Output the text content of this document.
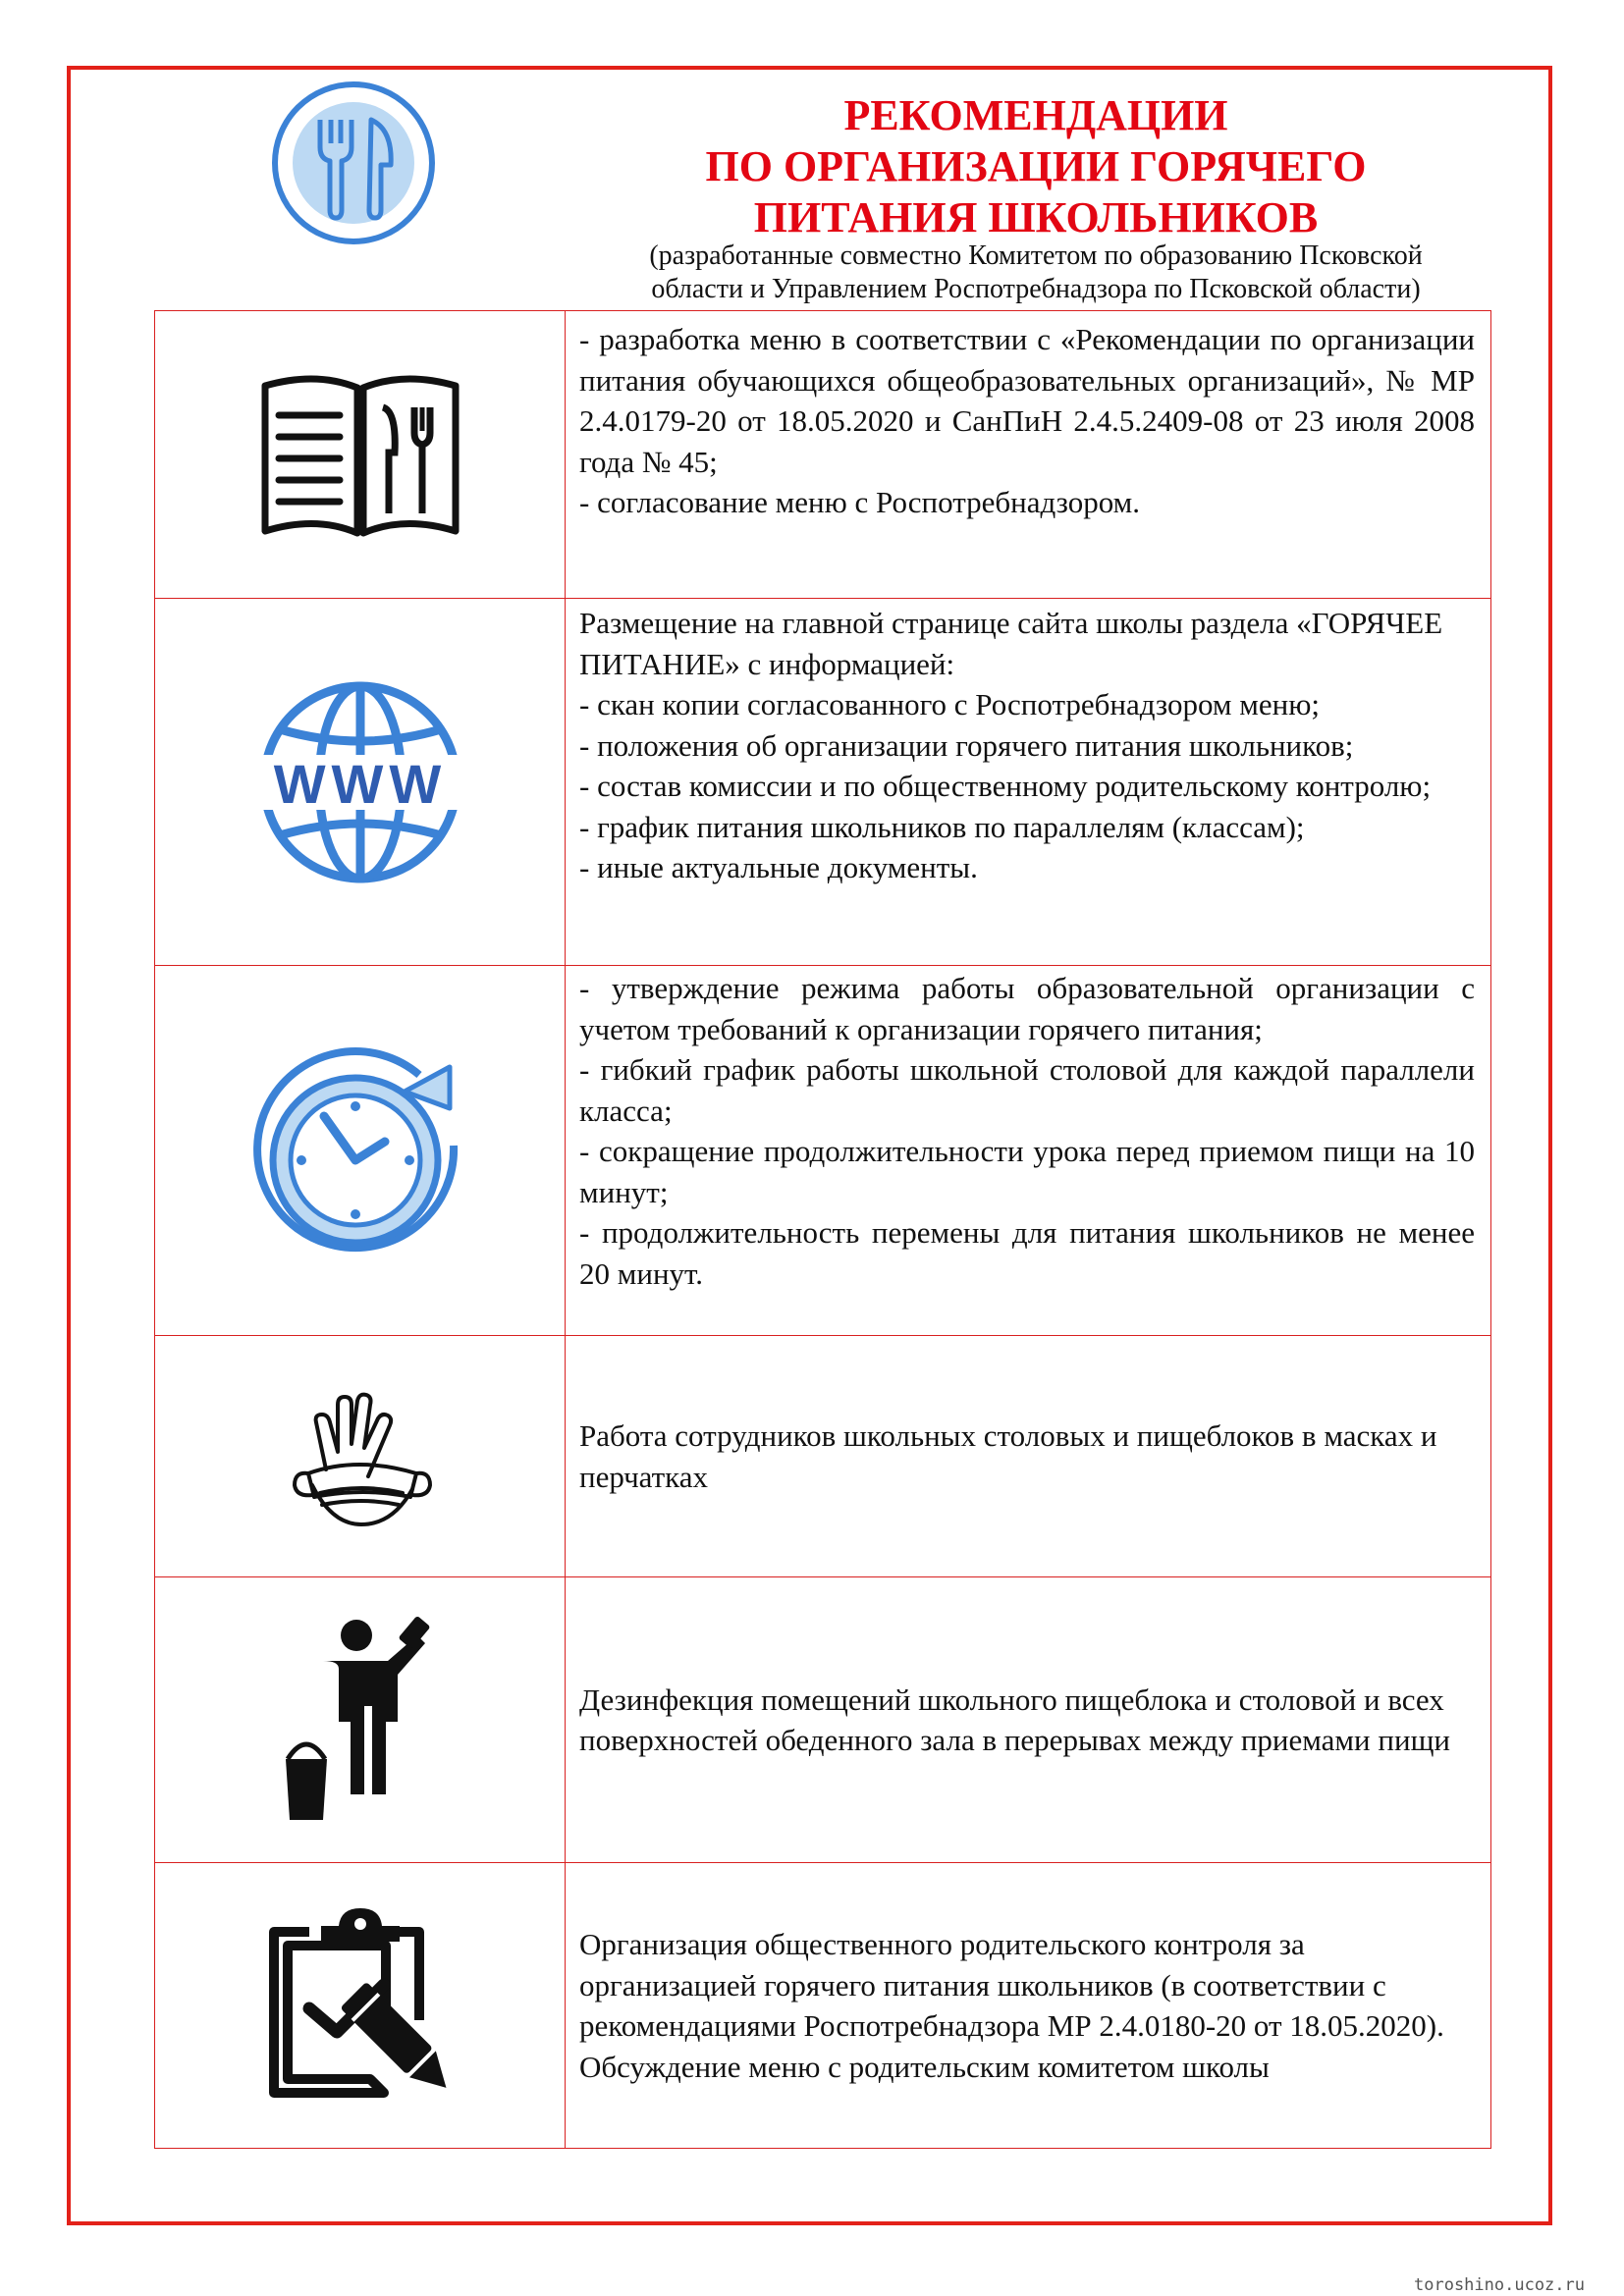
РЕКОМЕНДАЦИИ
ПО ОРГАНИЗАЦИИ ГОРЯЧЕГО
ПИТАНИЯ ШКОЛЬНИКОВ
(разработанные совместно Комитетом по образованию Псковской
области и Управлением Роспотребнадзора по Псковской области)

- разработка меню в соответствии с «Рекомендации по организации питания обучающихся общеобразовательных организаций», № МР 2.4.0179-20 от 18.05.2020 и СанПиН 2.4.5.2409-08 от 23 июля 2008 года № 45;

- согласование меню с Роспотребнадзором.

WWW

Размещение на главной странице сайта школы раздела «ГОРЯЧЕЕ ПИТАНИЕ» с информацией:

- скан копии согласованного с Роспотребнадзором меню;

- положения об организации горячего питания школьников;

- состав комиссии и по общественному родительскому контролю;

- график питания школьников по параллелям (классам);

- иные актуальные документы.

- утверждение режима работы образовательной организации с учетом требований к организации горячего питания;

- гибкий график работы школьной столовой для каждой параллели класса;

- сокращение продолжительности урока перед приемом пищи на 10 минут;

- продолжительность перемены для питания школьников не менее 20 минут.

Работа сотрудников школьных столовых и пищеблоков в масках и перчатках

Дезинфекция помещений школьного пищеблока и столовой и всех поверхностей обеденного зала в перерывах между приемами пищи

Организация общественного родительского контроля за организацией горячего питания школьников (в соответствии с рекомендациями Роспотребнадзора МР 2.4.0180-20 от 18.05.2020).

Обсуждение меню с родительским комитетом школы

toroshino.ucoz.ru
